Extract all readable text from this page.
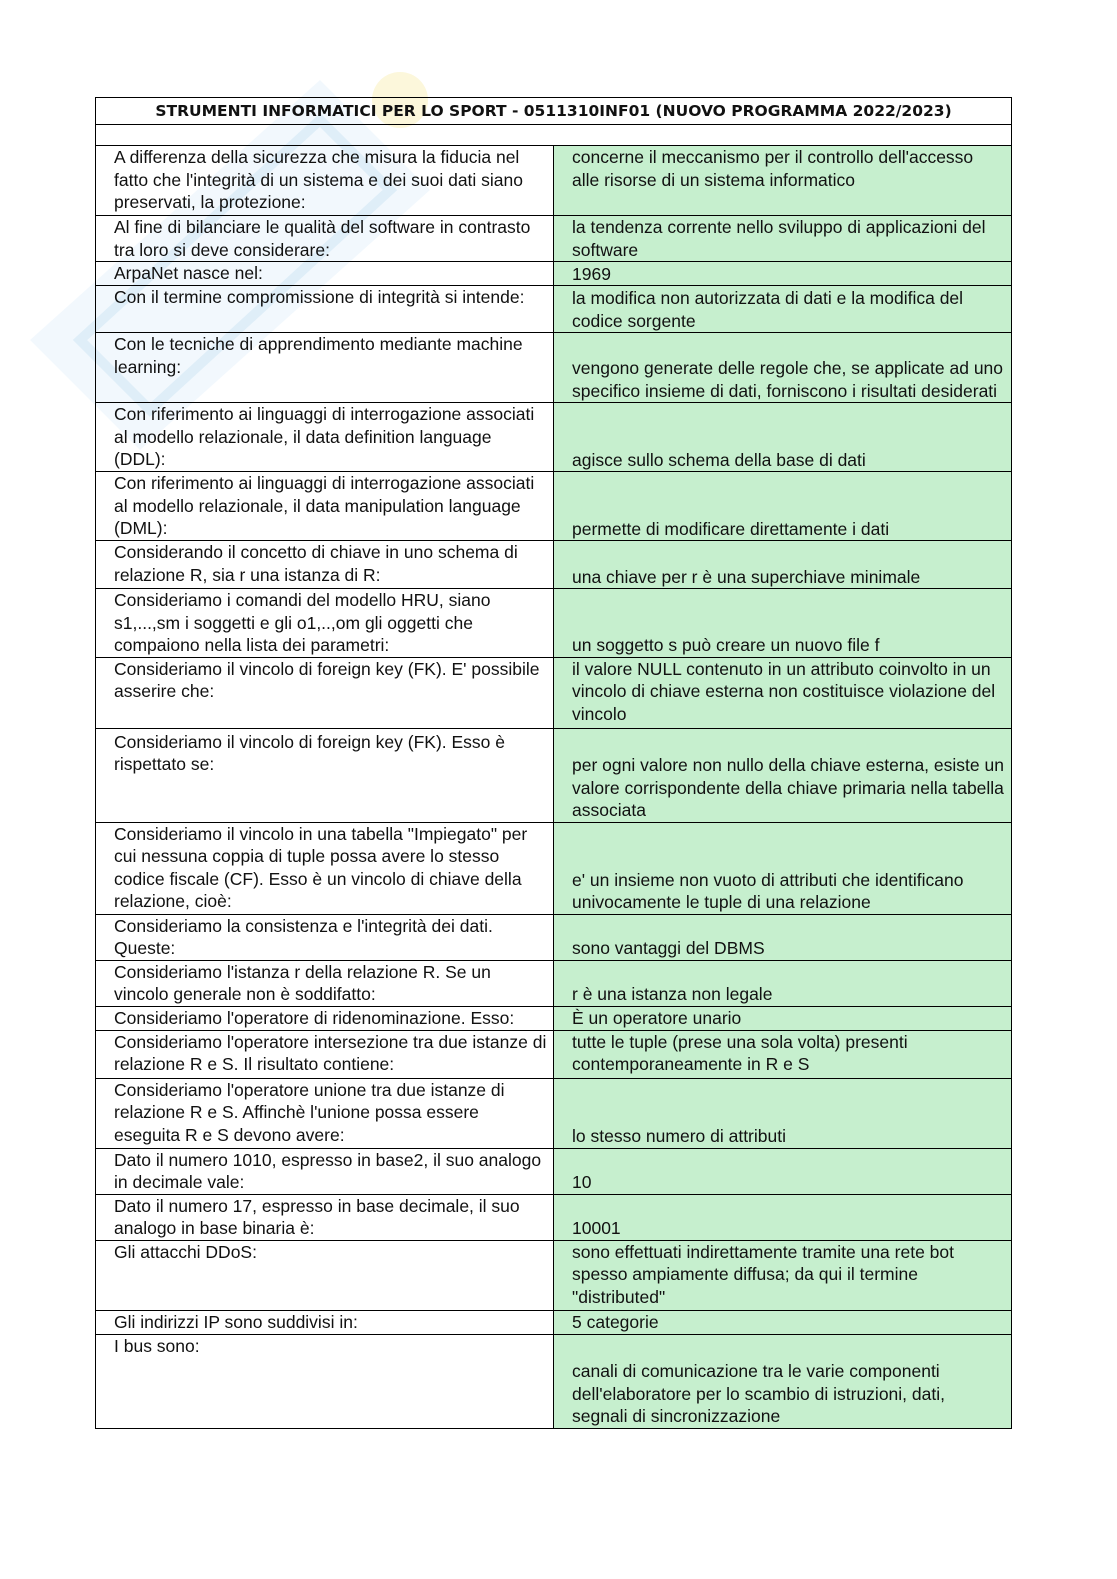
STRUMENTI INFORMATICI PER LO SPORT - 0511310INF01 (NUOVO PROGRAMMA 2022/2023)	

A differenza della sicurezza che misura la fiducia nel fatto che l'integrità di un sistema e dei suoi dati siano preservati, la protezione:	concerne il meccanismo per il controllo dell'accesso alle risorse di un sistema informatico
Al fine di bilanciare le qualità del software in contrasto tra loro si deve considerare:	la tendenza corrente nello sviluppo di applicazioni del software
ArpaNet nasce nel:	1969
Con il termine compromissione di integrità si intende:	la modifica non autorizzata di dati e la modifica del codice sorgente
Con le tecniche di apprendimento mediante machine learning:	vengono generate delle regole che, se applicate ad uno specifico insieme di dati, forniscono i risultati desiderati
Con riferimento ai linguaggi di interrogazione associati al modello relazionale, il data definition language (DDL):	agisce sullo schema della base di dati
Con riferimento ai linguaggi di interrogazione associati al modello relazionale, il data manipulation language (DML):	permette di modificare direttamente i dati
Considerando il concetto di chiave in uno schema di relazione R, sia r una istanza di R:	una chiave per r è una superchiave minimale
Consideriamo i comandi del modello HRU, siano s1,...,sm i soggetti e gli o1,..,om gli oggetti che compaiono nella lista dei parametri:	un soggetto s può creare un nuovo file f
Consideriamo il vincolo di foreign key (FK). E' possibile asserire che:	il valore NULL contenuto in un attributo coinvolto in un vincolo di chiave esterna non costituisce violazione del vincolo
Consideriamo il vincolo di foreign key (FK). Esso è rispettato se:	per ogni valore non nullo della chiave esterna, esiste un valore corrispondente della chiave primaria nella tabella associata
Consideriamo il vincolo in una tabella "Impiegato" per cui nessuna coppia di tuple possa avere lo stesso codice fiscale (CF). Esso è un vincolo di chiave della relazione, cioè:	e' un insieme non vuoto di attributi che identificano univocamente le tuple di una relazione
Consideriamo la consistenza e l'integrità dei dati. Queste:	sono vantaggi del DBMS
Consideriamo l'istanza r della relazione R. Se un vincolo generale non è soddifatto:	r è una istanza non legale
Consideriamo l'operatore di ridenominazione. Esso:	È un operatore unario
Consideriamo l'operatore intersezione tra due istanze di relazione R e S. Il risultato contiene:	tutte le tuple (prese una sola volta) presenti contemporaneamente in R e S
Consideriamo l'operatore unione tra due istanze di relazione R e S. Affinchè l'unione possa essere eseguita R e S devono avere:	lo stesso numero di attributi
Dato il numero 1010, espresso in base2, il suo analogo in decimale vale:	10
Dato il numero 17, espresso in base decimale, il suo analogo in base binaria è:	10001
Gli attacchi DDoS:	sono effettuati indirettamente tramite una rete bot spesso ampiamente diffusa; da qui il termine "distributed"
Gli indirizzi IP sono suddivisi in:	5 categorie
I bus sono:	canali di comunicazione tra le varie componenti dell'elaboratore per lo scambio di istruzioni, dati, segnali di sincronizzazione
